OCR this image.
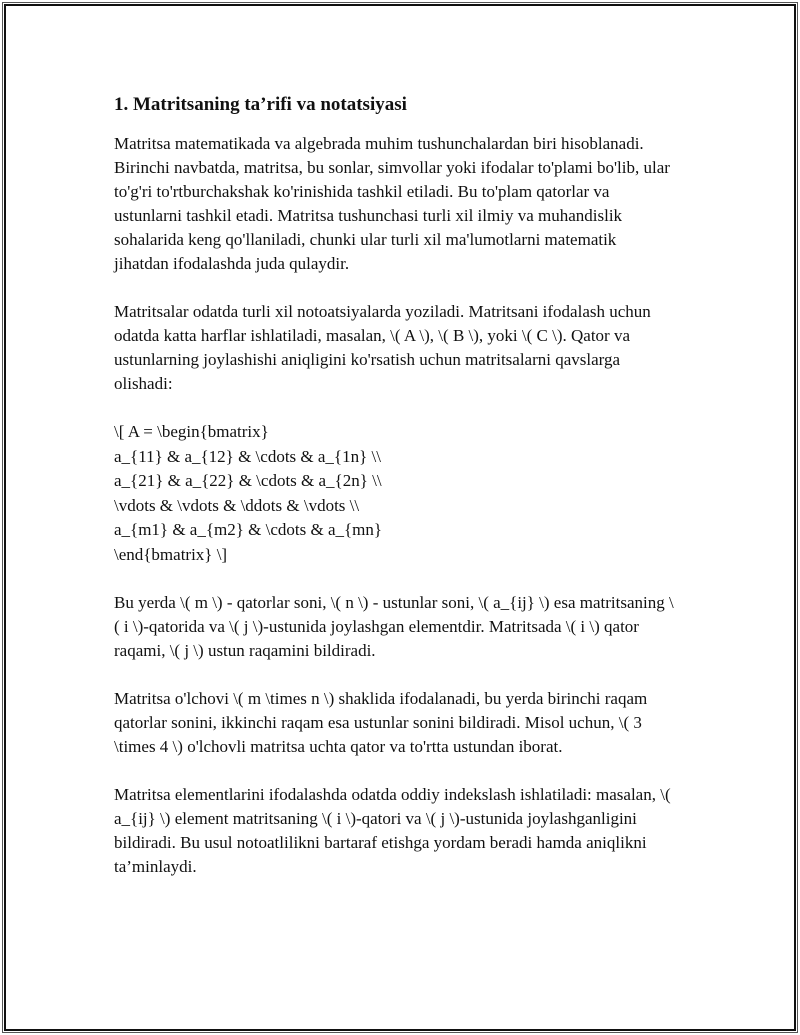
1. Matritsaning ta’rifi va notatsiyasi

Matritsa matematikada va algebrada muhim tushunchalardan biri hisoblanadi. Birinchi navbatda, matritsa, bu sonlar, simvollar yoki ifodalar to'plami bo'lib, ular to'g'ri to'rtburchakshak ko'rinishida tashkil etiladi. Bu to'plam qatorlar va ustunlarni tashkil etadi. Matritsa tushunchasi turli xil ilmiy va muhandislik sohalarida keng qo'llaniladi, chunki ular turli xil ma'lumotlarni matematik jihatdan ifodalashda juda qulaydir.

Matritsalar odatda turli xil notoatsiyalarda yoziladi. Matritsani ifodalash uchun odatda katta harflar ishlatiladi, masalan, \( A \), \( B \), yoki \( C \). Qator va ustunlarning joylashishi aniqligini ko'rsatish uchun matritsalarni qavslarga olishadi:

\[ A = \begin{bmatrix}
a_{11} & a_{12} & \cdots & a_{1n} \\
a_{21} & a_{22} & \cdots & a_{2n} \\
\vdots & \vdots & \ddots & \vdots \\
a_{m1} & a_{m2} & \cdots & a_{mn}
\end{bmatrix} \]

Bu yerda \( m \) - qatorlar soni, \( n \) - ustunlar soni, \( a_{ij} \) esa matritsaning \( i \)-qatorida va \( j \)-ustunida joylashgan elementdir. Matritsada \( i \) qator raqami, \( j \) ustun raqamini bildiradi.

Matritsa o'lchovi \( m \times n \) shaklida ifodalanadi, bu yerda birinchi raqam qatorlar sonini, ikkinchi raqam esa ustunlar sonini bildiradi. Misol uchun, \( 3 \times 4 \) o'lchovli matritsa uchta qator va to'rtta ustundan iborat.

Matritsa elementlarini ifodalashda odatda oddiy indekslash ishlatiladi: masalan, \( a_{ij} \) element matritsaning \( i \)-qatori va \( j \)-ustunida joylashganligini bildiradi. Bu usul notoatlilikni bartaraf etishga yordam beradi hamda aniqlikni ta’minlaydi.
